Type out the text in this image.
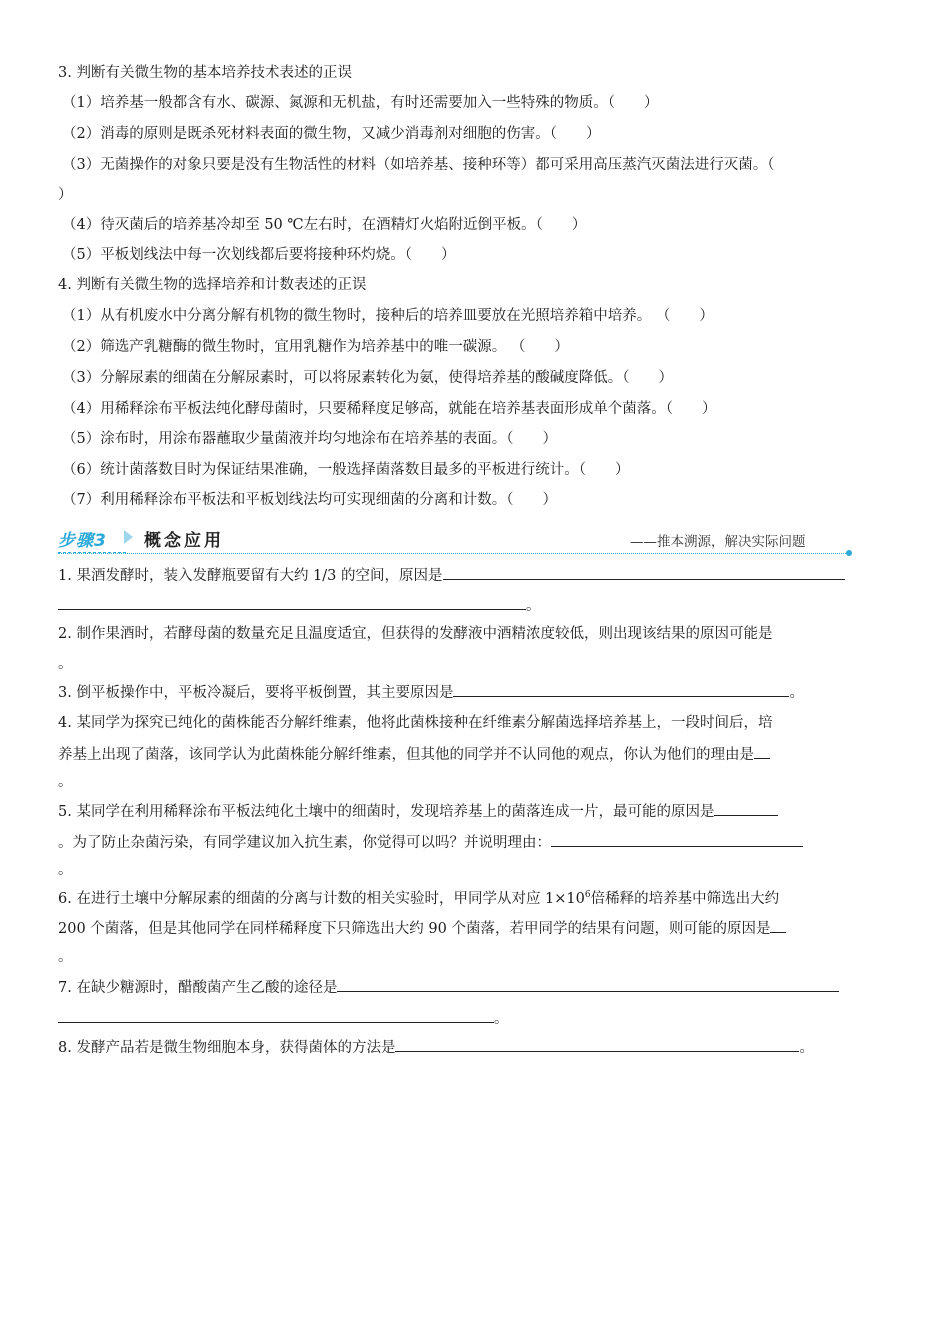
3. 判断有关微生物的基本培养技术表述的正误
（1）培养基一般都含有水、碳源、氮源和无机盐，有时还需要加入一些特殊的物质。（　　）
（2）消毒的原则是既杀死材料表面的微生物，又减少消毒剂对细胞的伤害。（　　）
（3）无菌操作的对象只要是没有生物活性的材料（如培养基、接种环等）都可采用高压蒸汽灭菌法进行灭菌。（
）
（4）待灭菌后的培养基冷却至 50 ℃左右时，在酒精灯火焰附近倒平板。（　　）
（5）平板划线法中每一次划线都后要将接种环灼烧。（　　）
4. 判断有关微生物的选择培养和计数表述的正误
（1）从有机废水中分离分解有机物的微生物时，接种后的培养皿要放在光照培养箱中培养。 （　　）
（2）筛选产乳糖酶的微生物时，宜用乳糖作为培养基中的唯一碳源。 （　　）
（3）分解尿素的细菌在分解尿素时，可以将尿素转化为氨，使得培养基的酸碱度降低。（　　）
（4）用稀释涂布平板法纯化酵母菌时，只要稀释度足够高，就能在培养基表面形成单个菌落。（　　）
（5）涂布时，用涂布器蘸取少量菌液并均匀地涂布在培养基的表面。（　　）
（6）统计菌落数目时为保证结果准确，一般选择菌落数目最多的平板进行统计。（　　）
（7）利用稀释涂布平板法和平板划线法均可实现细菌的分离和计数。（　　）
步骤3	概念应用	——推本溯源，解决实际问题
1. 果酒发酵时，装入发酵瓶要留有大约 1/3 的空间，原因是
。
2. 制作果酒时，若酵母菌的数量充足且温度适宜，但获得的发酵液中酒精浓度较低，则出现该结果的原因可能是
。
3. 倒平板操作中，平板冷凝后，要将平板倒置，其主要原因是	。
4. 某同学为探究已纯化的菌株能否分解纤维素，他将此菌株接种在纤维素分解菌选择培养基上，一段时间后，培
养基上出现了菌落，该同学认为此菌株能分解纤维素，但其他的同学并不认同他的观点，你认为他们的理由是
。
5. 某同学在利用稀释涂布平板法纯化土壤中的细菌时，发现培养基上的菌落连成一片，最可能的原因是
。为了防止杂菌污染，有同学建议加入抗生素，你觉得可以吗？并说明理由：
。
6. 在进行土壤中分解尿素的细菌的分离与计数的相关实验时，甲同学从对应 $1\times 10^6$倍稀释的培养基中筛选出大约
200 个菌落，但是其他同学在同样稀释度下只筛选出大约 90 个菌落，若甲同学的结果有问题，则可能的原因是
。
7. 在缺少糖源时，醋酸菌产生乙酸的途径是
。
8. 发酵产品若是微生物细胞本身，获得菌体的方法是	。
